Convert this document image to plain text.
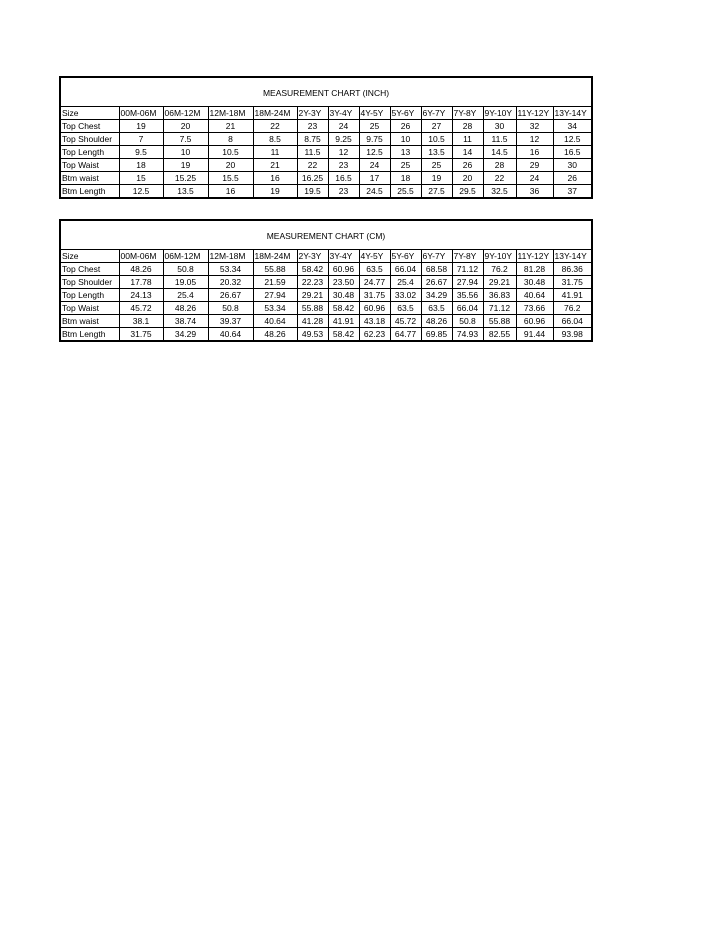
MEASUREMENT CHART (INCH)
Size	00M-06M	06M-12M	12M-18M	18M-24M	2Y-3Y	3Y-4Y	4Y-5Y	5Y-6Y	6Y-7Y	7Y-8Y	9Y-10Y	11Y-12Y	13Y-14Y
Top Chest	19	20	21	22	23	24	25	26	27	28	30	32	34
Top Shoulder	7	7.5	8	8.5	8.75	9.25	9.75	10	10.5	11	11.5	12	12.5
Top Length	9.5	10	10.5	11	11.5	12	12.5	13	13.5	14	14.5	16	16.5
Top Waist	18	19	20	21	22	23	24	25	25	26	28	29	30
Btm waist	15	15.25	15.5	16	16.25	16.5	17	18	19	20	22	24	26
Btm Length	12.5	13.5	16	19	19.5	23	24.5	25.5	27.5	29.5	32.5	36	37
MEASUREMENT CHART (CM)
Size	00M-06M	06M-12M	12M-18M	18M-24M	2Y-3Y	3Y-4Y	4Y-5Y	5Y-6Y	6Y-7Y	7Y-8Y	9Y-10Y	11Y-12Y	13Y-14Y
Top Chest	48.26	50.8	53.34	55.88	58.42	60.96	63.5	66.04	68.58	71.12	76.2	81.28	86.36
Top Shoulder	17.78	19.05	20.32	21.59	22.23	23.50	24.77	25.4	26.67	27.94	29.21	30.48	31.75
Top Length	24.13	25.4	26.67	27.94	29.21	30.48	31.75	33.02	34.29	35.56	36.83	40.64	41.91
Top Waist	45.72	48.26	50.8	53.34	55.88	58.42	60.96	63.5	63.5	66.04	71.12	73.66	76.2
Btm waist	38.1	38.74	39.37	40.64	41.28	41.91	43.18	45.72	48.26	50.8	55.88	60.96	66.04
Btm Length	31.75	34.29	40.64	48.26	49.53	58.42	62.23	64.77	69.85	74.93	82.55	91.44	93.98
